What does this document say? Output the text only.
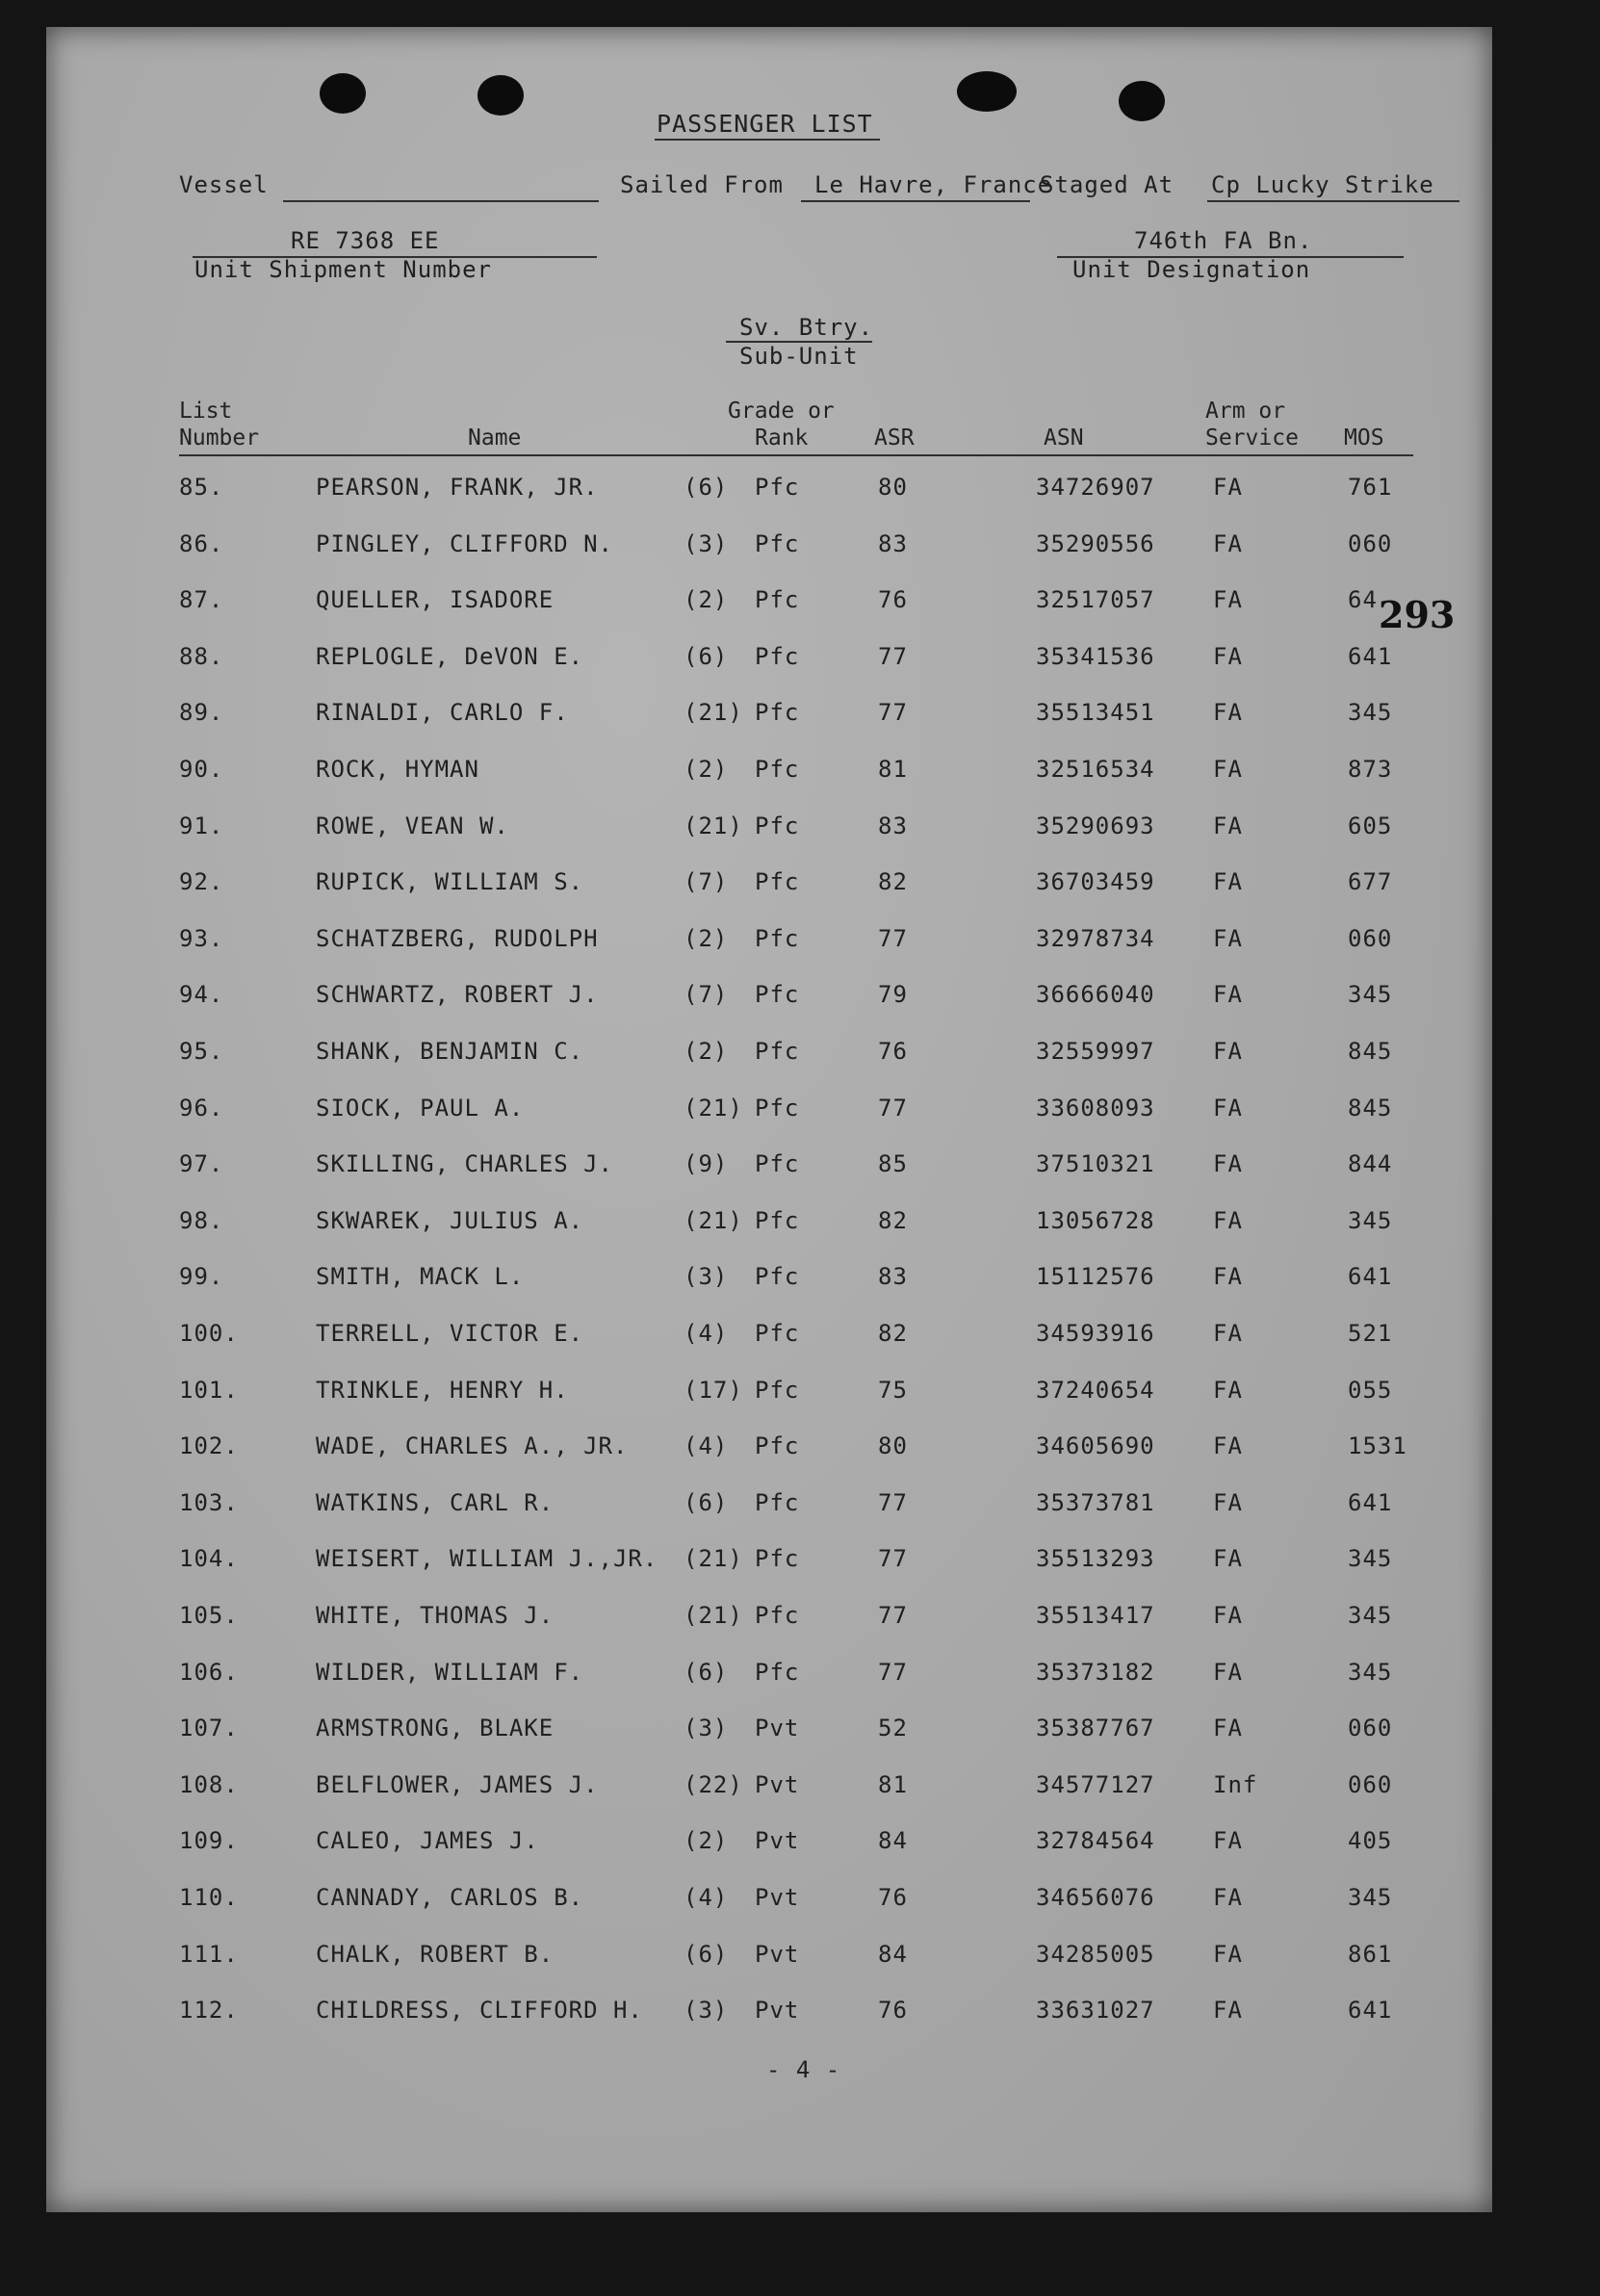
PASSENGER LIST
Vessel	Sailed From Le Havre, France
Staged At Cp Lucky Strike
RE 7368 EE
Unit Shipment Number
746th FA Bn.
Unit Designation
Sv. Btry.
Sub-Unit
List
Number	Name
Grade or
Rank	ASR	ASN
Arm or
Service MOS
85.	PEARSON, FRANK, JR.	(6) Pfc	80	34726907	FA	761
86.	PINGLEY, CLIFFORD N.	(3) Pfc	83	35290556	FA	060
87.	QUELLER, ISADORE	(2) Pfc	76	32517057	FA	64
88.	REPLOGLE, DeVON E.	(6) Pfc	77	35341536	FA	641
89.	RINALDI, CARLO F.	(21) Pfc	77	35513451	FA	345
90.	ROCK, HYMAN	(2) Pfc	81	32516534	FA	873
91.	ROWE, VEAN W.	(21) Pfc	83	35290693	FA	605
92.	RUPICK, WILLIAM S.	(7) Pfc	82	36703459	FA	677
93.	SCHATZBERG, RUDOLPH	(2) Pfc	77	32978734	FA	060
94.	SCHWARTZ, ROBERT J.	(7) Pfc	79	36666040	FA	345
95.	SHANK, BENJAMIN C.	(2) Pfc	76	32559997	FA	845
96.	SIOCK, PAUL A.	(21) Pfc	77	33608093	FA	845
97.	SKILLING, CHARLES J.	(9) Pfc	85	37510321	FA	844
98.	SKWAREK, JULIUS A.	(21) Pfc	82	13056728	FA	345
99.	SMITH, MACK L.	(3) Pfc	83	15112576	FA	641
100.	TERRELL, VICTOR E.	(4) Pfc	82	34593916	FA	521
101.	TRINKLE, HENRY H.	(17) Pfc	75	37240654	FA	055
102.	WADE, CHARLES A., JR. (4) Pfc	80	34605690	FA	1531
103.	WATKINS, CARL R.	(6) Pfc	77	35373781	FA	641
104.	WEISERT, WILLIAM J.,JR. (21) Pfc	77	35513293	FA	345
105.	WHITE, THOMAS J.	(21) Pfc	77	35513417	FA	345
106.	WILDER, WILLIAM F.	(6) Pfc	77	35373182	FA	345
107.	ARMSTRONG, BLAKE	(3) Pvt	52	35387767	FA	060
108.	BELFLOWER, JAMES J.	(22) Pvt	81	34577127	Inf	060
109.	CALEO, JAMES J.	(2) Pvt	84	32784564	FA	405
110.	CANNADY, CARLOS B.	(4) Pvt	76	34656076	FA	345
111.	CHALK, ROBERT B.	(6) Pvt	84	34285005	FA	861
112.	CHILDRESS, CLIFFORD H. (3) Pvt	76	33631027	FA	641
293
- 4 -
